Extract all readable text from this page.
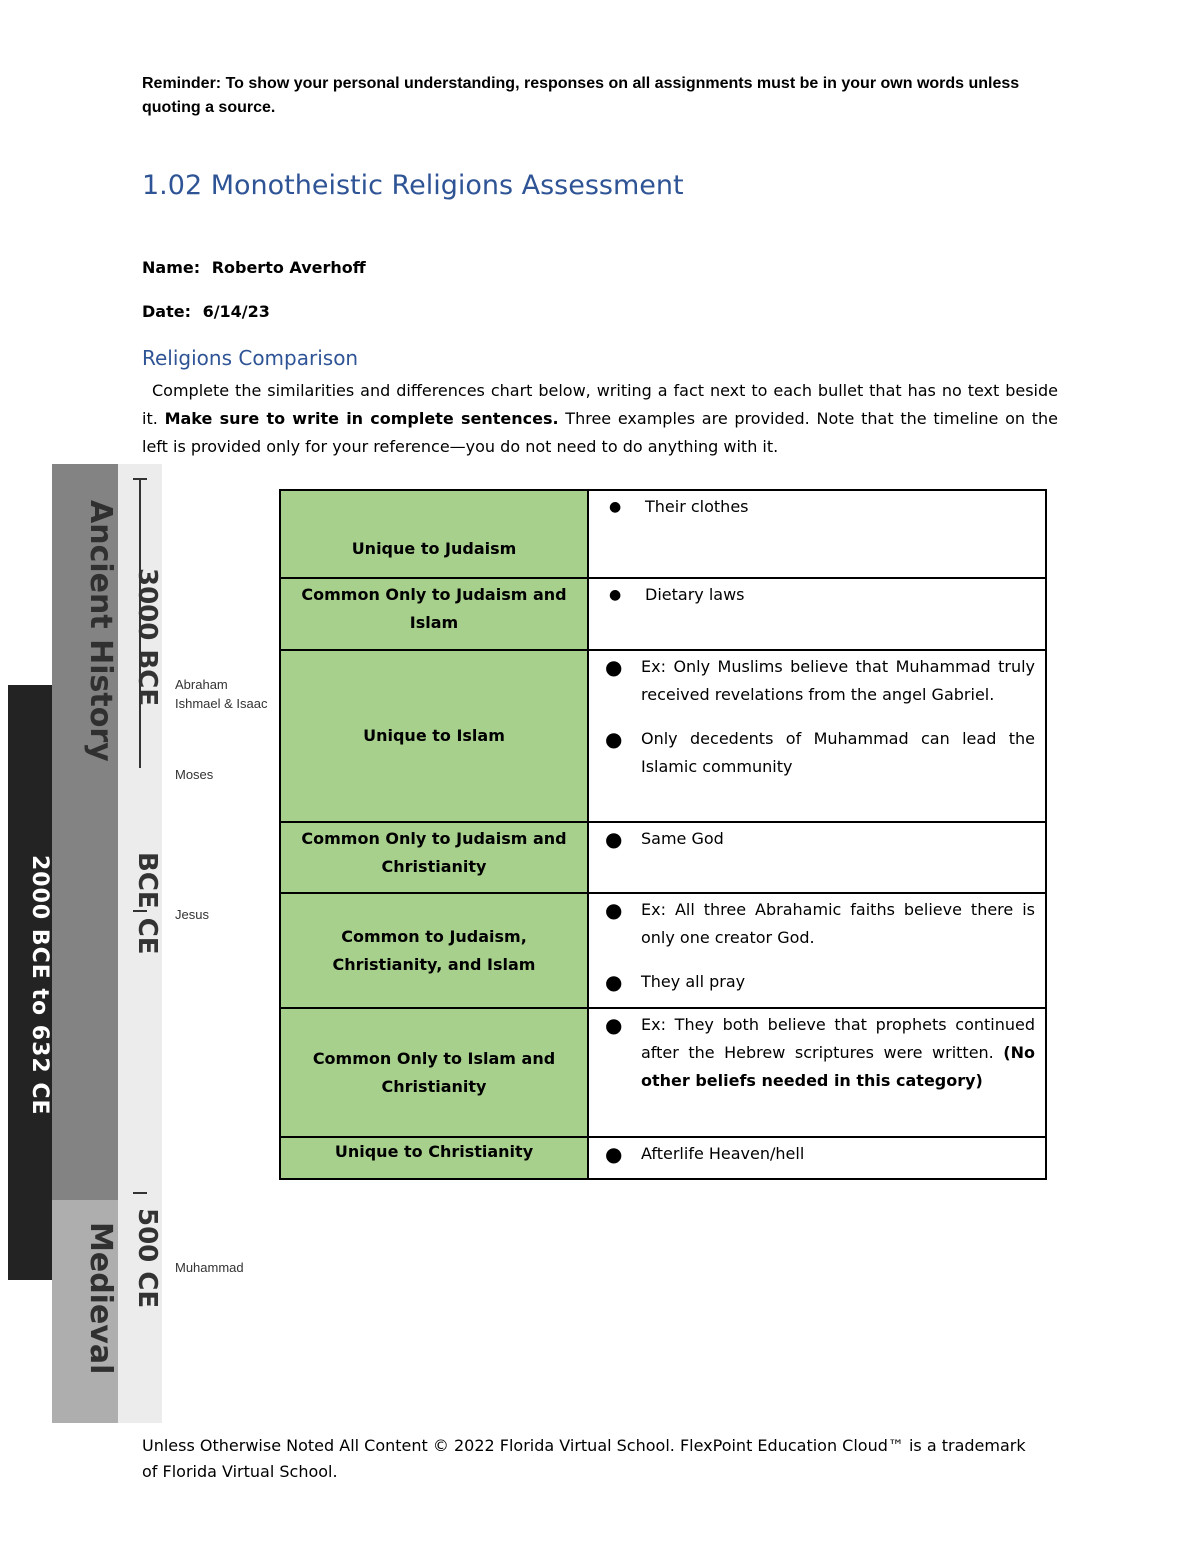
Reminder: To show your personal understanding, responses on all assignments must be in your own words unless quoting a source.
1.02 Monotheistic Religions Assessment
Name: Roberto Averhoff
Date: 6/14/23
Religions Comparison
Complete the similarities and differences chart below, writing a fact next to each bullet that has no text beside it. Make sure to write in complete sentences. Three examples are provided. Note that the timeline on the left is provided only for your reference—you do not need to do anything with it.
2000 BCE to 632 CE
Ancient History
Medieval
3000 BCE
BCE CE
500 CE
Abraham
Ishmael & Isaac
Moses
Jesus
Muhammad
Unique to Judaism	● Their clothes

Common Only to Judaism and Islam	● Dietary laws

Unique to Islam	● Ex: Only Muslims believe that Muhammad truly received revelations from the angel Gabriel.
● Only decedents of Muhammad can lead the Islamic community

Common Only to Judaism and Christianity	● Same God

Common to Judaism, Christianity, and Islam	● Ex: All three Abrahamic faiths believe there is only one creator God.
● They all pray

Common Only to Islam and Christianity	● Ex: They both believe that prophets continued after the Hebrew scriptures were written. (No other beliefs needed in this category)

Unique to Christianity	● Afterlife Heaven/hell
Unless Otherwise Noted All Content © 2022 Florida Virtual School. FlexPoint Education Cloud™ is a trademark of Florida Virtual School.
